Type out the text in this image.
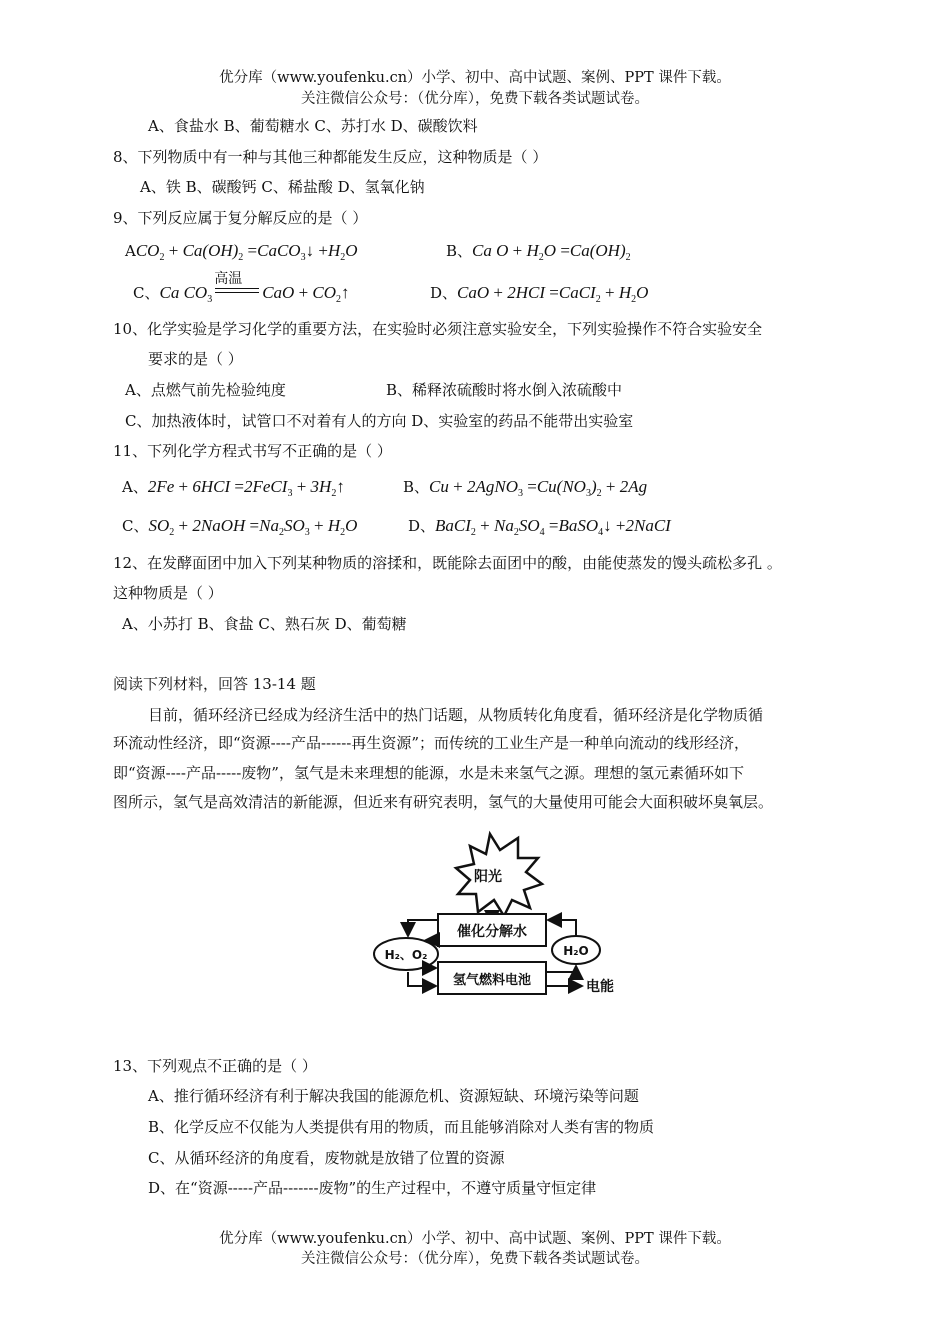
优分库（www.youfenku.cn）小学、初中、高中试题、案例、PPT 课件下载。
关注微信公众号：（优分库），免费下载各类试题试卷。
A、食盐水 B、葡萄糖水 C、苏打水 D、碳酸饮料
8、下列物质中有一种与其他三种都能发生反应，这种物质是（ ）
A、铁 B、碳酸钙 C、稀盐酸 D、氢氧化钠
9、下列反应属于复分解反应的是（ ）
$ACO_2 + Ca(OH)_2$ =CaCO$_3$↓ $+H_2O$	B、Ca $O + H_2O =Ca(OH)_2$
C、Ca $CO_3$
高温
CaO + $CO_2↑$	D、CaO + 2HCI =CaCI$_2$ + $H_2O$
10、化学实验是学习化学的重要方法，在实验时必须注意实验安全，下列实验操作不符合实验安全
要求的是（ ）
A、点燃气前先检验纯度	B、稀释浓硫酸时将水倒入浓硫酸中
C、加热液体时，试管口不对着有人的方向 D、实验室的药品不能带出实验室
11、下列化学方程式书写不正确的是（ ）
A、2Fe + 6HCI =2FeCI$_3$ + $3H_2↑$	B、Cu + 2AgNO$_3$ $=Cu(NO_3)_2 + 2Ag$
C、$SO_2$ + 2NaOH $=Na_2SO_3 + H_2O$	D、BaCI$_2$ + $Na_2SO_4$ =BaSO$_4$↓ +2NaCI
12、在发酵面团中加入下列某种物质的溶揉和，既能除去面团中的酸，由能使蒸发的馒头疏松多孔 。
这种物质是（ ）
A、小苏打 B、食盐 C、熟石灰 D、葡萄糖
阅读下列材料，回答 13-14 题
目前，循环经济已经成为经济生活中的热门话题，从物质转化角度看，循环经济是化学物质循
环流动性经济，即“资源----产品------再生资源”；而传统的工业生产是一种单向流动的线形经济，
即“资源----产品-----废物”，氢气是未来理想的能源，水是未来氢气之源。理想的氢元素循环如下
图所示，氢气是高效清洁的新能源，但近来有研究表明，氢气的大量使用可能会大面积破坏臭氧层。
阳光
催化分解水
氢气燃料电池
H₂、O₂	H₂O
电能
13、下列观点不正确的是（ ）
A、推行循环经济有利于解决我国的能源危机、资源短缺、环境污染等问题
B、化学反应不仅能为人类提供有用的物质，而且能够消除对人类有害的物质
C、从循环经济的角度看，废物就是放错了位置的资源
D、在“资源-----产品-------废物”的生产过程中，不遵守质量守恒定律
优分库（www.youfenku.cn）小学、初中、高中试题、案例、PPT 课件下载。
关注微信公众号：（优分库），免费下载各类试题试卷。
